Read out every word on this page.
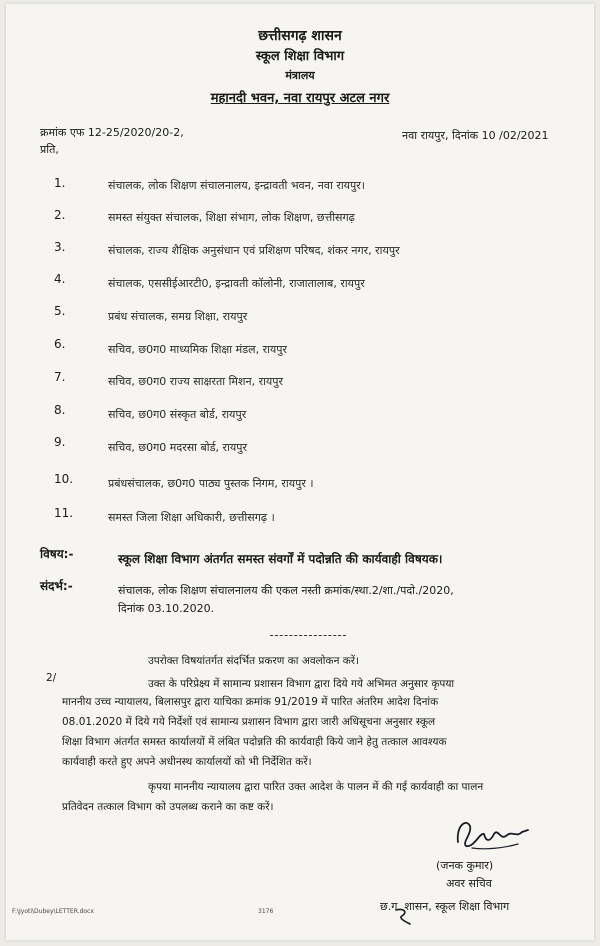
छत्तीसगढ़ शासन
स्कूल शिक्षा विभाग
मंत्रालय
महानदी भवन, नवा रायपुर अटल नगर
क्रमांक एफ 12-25/2020/20-2,
प्रति,
नवा रायपुर, दिनांक 10 /02/2021
1.	संचालक, लोक शिक्षण संचालनालय, इन्द्रावती भवन, नवा रायपुर।
2.	समस्त संयुक्त संचालक, शिक्षा संभाग, लोक शिक्षण, छत्तीसगढ़
3.	संचालक, राज्य शैक्षिक अनुसंधान एवं प्रशिक्षण परिषद, शंकर नगर, रायपुर
4.	संचालक, एससीईआरटी0, इन्द्रावती कॉलोनी, राजातालाब, रायपुर
5.	प्रबंध संचालक, समग्र शिक्षा, रायपुर
6.	सचिव, छ0ग0 माध्यमिक शिक्षा मंडल, रायपुर
7.	सचिव, छ0ग0 राज्य साक्षरता मिशन, रायपुर
8.	सचिव, छ0ग0 संस्कृत बोर्ड, रायपुर
9.	सचिव, छ0ग0 मदरसा बोर्ड, रायपुर
10.	प्रबंधसंचालक, छ0ग0 पाठ्य पुस्तक निगम, रायपुर ।
11.	समस्त जिला शिक्षा अधिकारी, छत्तीसगढ़ ।
विषय:-	स्कूल शिक्षा विभाग अंतर्गत समस्त संवर्गों में पदोन्नति की कार्यवाही विषयक।
संदर्भ:-	संचालक, लोक शिक्षण संचालनालय की एकल नस्ती क्रमांक/स्था.2/शा./पदो./2020,
दिनांक 03.10.2020.
उपरोक्त विषयांतर्गत संदर्भित प्रकरण का अवलोकन करें।
2/	उक्त के परिप्रेक्ष्य में सामान्य प्रशासन विभाग द्वारा दिये गये अभिमत अनुसार कृपया
माननीय उच्च न्यायालय, बिलासपुर द्वारा याचिका क्रमांक 91/2019 में पारित अंतरिम आदेश दिनांक
08.01.2020 में दिये गये निर्देशों एवं सामान्य प्रशासन विभाग द्वारा जारी अधिसूचना अनुसार स्कूल
शिक्षा विभाग अंतर्गत समस्त कार्यालयों में लंबित पदोन्नति की कार्यवाही किये जाने हेतु तत्काल आवश्यक
कार्यवाही करते हुए अपने अधीनस्थ कार्यालयों को भी निर्देशित करें।
कृपया माननीय न्यायालय द्वारा पारित उक्त आदेश के पालन में की गई कार्यवाही का पालन
प्रतिवेदन तत्काल विभाग को उपलब्ध कराने का कष्ट करें।
(जनक कुमार)
अवर सचिव
छ.ग. शासन, स्कूल शिक्षा विभाग
F:\Jyoti\Dubey\LETTER.docx	3176
